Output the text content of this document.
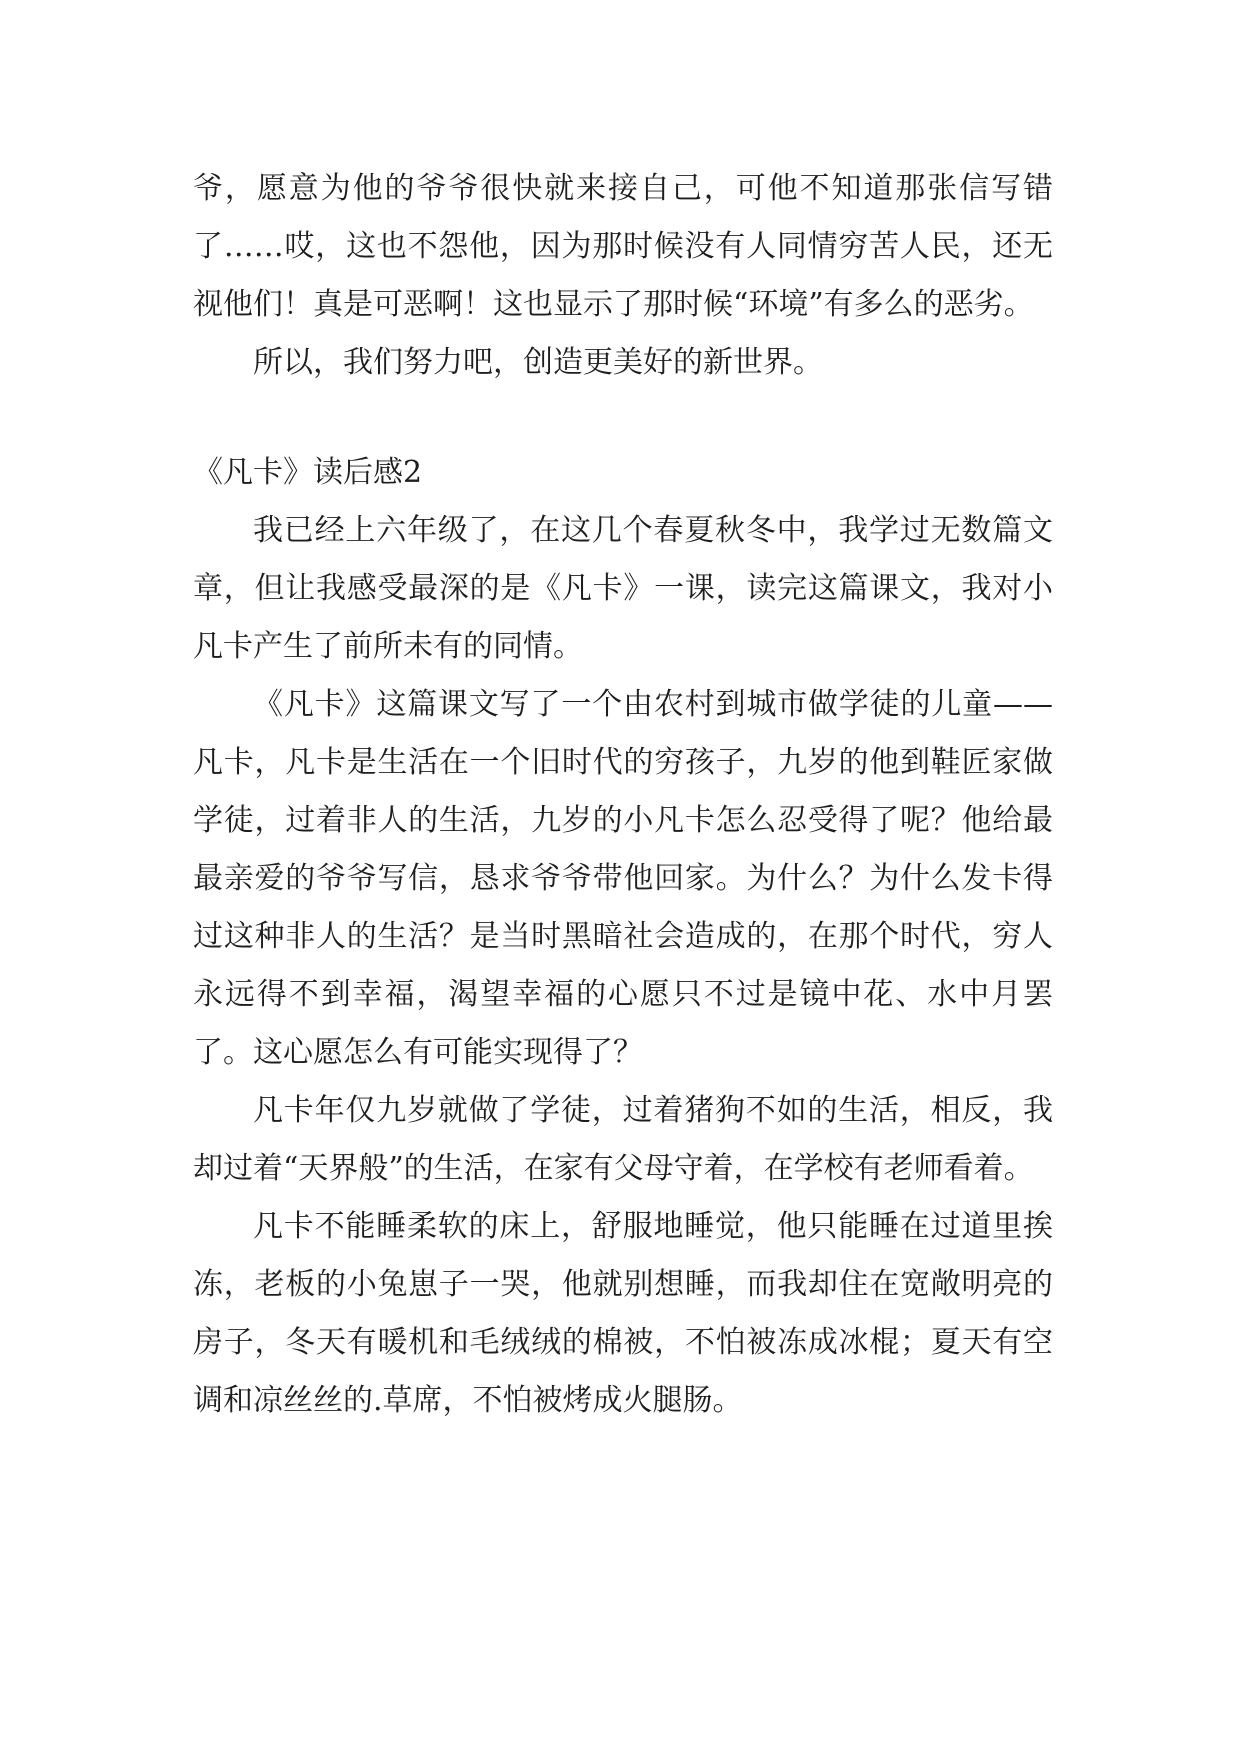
爷，愿意为他的爷爷很快就来接自己，可他不知道那张信写错了……哎，这也不怨他，因为那时候没有人同情穷苦人民，还无视他们！真是可恶啊！这也显示了那时候“环境”有多么的恶劣。

所以，我们努力吧，创造更美好的新世界。

《凡卡》读后感2

我已经上六年级了，在这几个春夏秋冬中，我学过无数篇文章，但让我感受最深的是《凡卡》一课，读完这篇课文，我对小凡卡产生了前所未有的同情。

《凡卡》这篇课文写了一个由农村到城市做学徒的儿童——凡卡，凡卡是生活在一个旧时代的穷孩子，九岁的他到鞋匠家做学徒，过着非人的生活，九岁的小凡卡怎么忍受得了呢？他给最最亲爱的爷爷写信，恳求爷爷带他回家。为什么？为什么发卡得过这种非人的生活？是当时黑暗社会造成的，在那个时代，穷人永远得不到幸福，渴望幸福的心愿只不过是镜中花、水中月罢了。这心愿怎么有可能实现得了？

凡卡年仅九岁就做了学徒，过着猪狗不如的生活，相反，我却过着“天界般”的生活，在家有父母守着，在学校有老师看着。

凡卡不能睡柔软的床上，舒服地睡觉，他只能睡在过道里挨冻，老板的小兔崽子一哭，他就别想睡，而我却住在宽敞明亮的房子，冬天有暖机和毛绒绒的棉被，不怕被冻成冰棍；夏天有空调和凉丝丝的.草席，不怕被烤成火腿肠。
